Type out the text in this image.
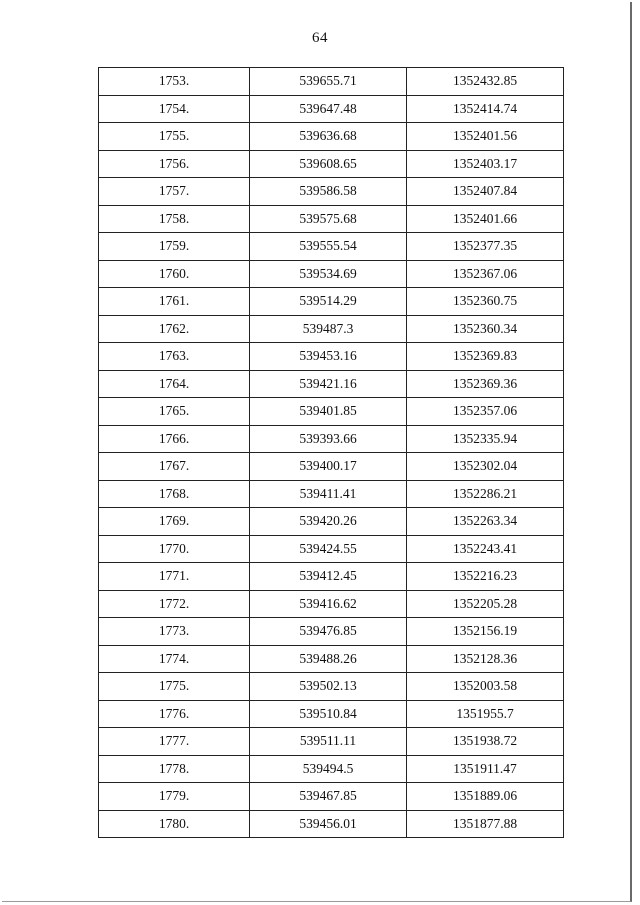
64
1753.	539655.71	1352432.85
1754.	539647.48	1352414.74
1755.	539636.68	1352401.56
1756.	539608.65	1352403.17
1757.	539586.58	1352407.84
1758.	539575.68	1352401.66
1759.	539555.54	1352377.35
1760.	539534.69	1352367.06
1761.	539514.29	1352360.75
1762.	539487.3	1352360.34
1763.	539453.16	1352369.83
1764.	539421.16	1352369.36
1765.	539401.85	1352357.06
1766.	539393.66	1352335.94
1767.	539400.17	1352302.04
1768.	539411.41	1352286.21
1769.	539420.26	1352263.34
1770.	539424.55	1352243.41
1771.	539412.45	1352216.23
1772.	539416.62	1352205.28
1773.	539476.85	1352156.19
1774.	539488.26	1352128.36
1775.	539502.13	1352003.58
1776.	539510.84	1351955.7
1777.	539511.11	1351938.72
1778.	539494.5	1351911.47
1779.	539467.85	1351889.06
1780.	539456.01	1351877.88
